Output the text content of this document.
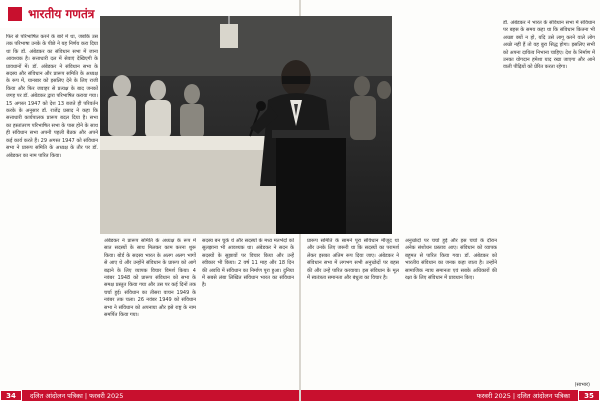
भारतीय गणतंत्र

फिर से परिभाषित करने के बारे में था, जबकि उस तक परिभाषा उनके के पीछे ने यह निर्णय करा दिया था कि डॉ. अंबेडकर का संविधान सभा में जाना आवश्यक है। सत्ताधारी दल में सेवाएं देखिएगी के प्रावधानों में। डॉ. अंबेडकर ने संविधान सभा के सदस्य और संविधान और प्रारूप समिति के अध्यक्ष के रूप में, यानबार को इसलिए देने के लिए राजी किया और फिर जवाहर से प्रत्यक्ष के बाद जनकों जगह पर डॉ. अंबेडकर द्वारा परिभाषित कराया गया। 15 अगस्त 1947 को देश 13 बजते ही परिवर्तन करके के अनुसार डॉ. राजेंद्र प्रसाद ने कहा कि सत्ताधारी कार्यपालक प्रारूप बदल दिया है। सभा का हस्तांतरण परिभाषित सभा के पास होने के साथ ही संविधान सभा अपनी पहली बैठक और अपने कई कार्य करते हैं। 29 अगस्त 1947 को संविधान सभा ने प्रारूप समिति के अध्यक्ष के तौर पर डॉ. अंबेडकर का नाम पारित किया।

अंबेडकर ने प्रारूप समिति के अध्यक्ष के रूप में सात सदस्यों के साथ मिलकर काम करना शुरू किया। बोर्ड के सदस्य भारत के अलग अलग भागों से आए थे और उन्होंने संविधान के प्रारूप को आगे बढ़ाने के लिए व्यापक विचार विमर्श किया। 4 नवंबर 1948 को प्रारूप संविधान को सभा के समक्ष प्रस्तुत किया गया और उस पर कई दिनों तक चर्चा हुई। संविधान का तीसरा वाचन 1949 के नवंबर तक चला। 26 नवंबर 1949 को संविधान सभा ने संविधान को अपनाया और इसे राष्ट्र के नाम समर्पित किया गया।

सदस्य बन चुके थे और सदस्यों के मध्य मतभेदों को सुलझाना भी आवश्यक था। अंबेडकर ने सदन के सदस्यों के सुझावों पर विचार किया और उन्हें स्वीकार भी किया। 2 वर्ष 11 माह और 18 दिन की अवधि में संविधान का निर्माण पूरा हुआ। दुनिया में सबसे लंबा लिखित संविधान भारत का संविधान है।

प्रारूप समिति के सामने पूरा संविधान मौजूद था और उनके लिए जरूरी था कि सदस्यों का परामर्श लेकर इसका अंतिम रूप दिया जाए। अंबेडकर ने संविधान सभा में लगभग सभी अनुच्छेदों पर बहस की और उन्हें पारित करवाया। इस संविधान के मूल में स्वतंत्रता समानता और बंधुत्व का विचार है।

अनुच्छेदों पर चर्चा हुई और इस चर्चा के दौरान अनेक संशोधन प्रस्ताव आए। संविधान को व्यापक बहुमत से पारित किया गया। डॉ. अंबेडकर को भारतीय संविधान का जनक कहा जाता है। उन्होंने सामाजिक न्याय समानता एवं सबके अधिकारों की रक्षा के लिए संविधान में प्रावधान किए।

डॉ. अंबेडकर ने भारत के संविधान सभा में संविधान पर बहस के समय कहा था कि संविधान कितना भी अच्छा क्यों न हो, यदि उसे लागू करने वाले लोग अच्छे नहीं हैं तो वह बुरा सिद्ध होगा। इसलिए सभी को अपना दायित्व निभाना चाहिए। देश के निर्माण में उनका योगदान हमेशा याद रखा जाएगा और आने वाली पीढ़ियों को प्रेरित करता रहेगा।

(साभार)
34	दलित आंदोलन पत्रिका | फरवरी 2025	फरवरी 2025 | दलित आंदोलन पत्रिका	35
